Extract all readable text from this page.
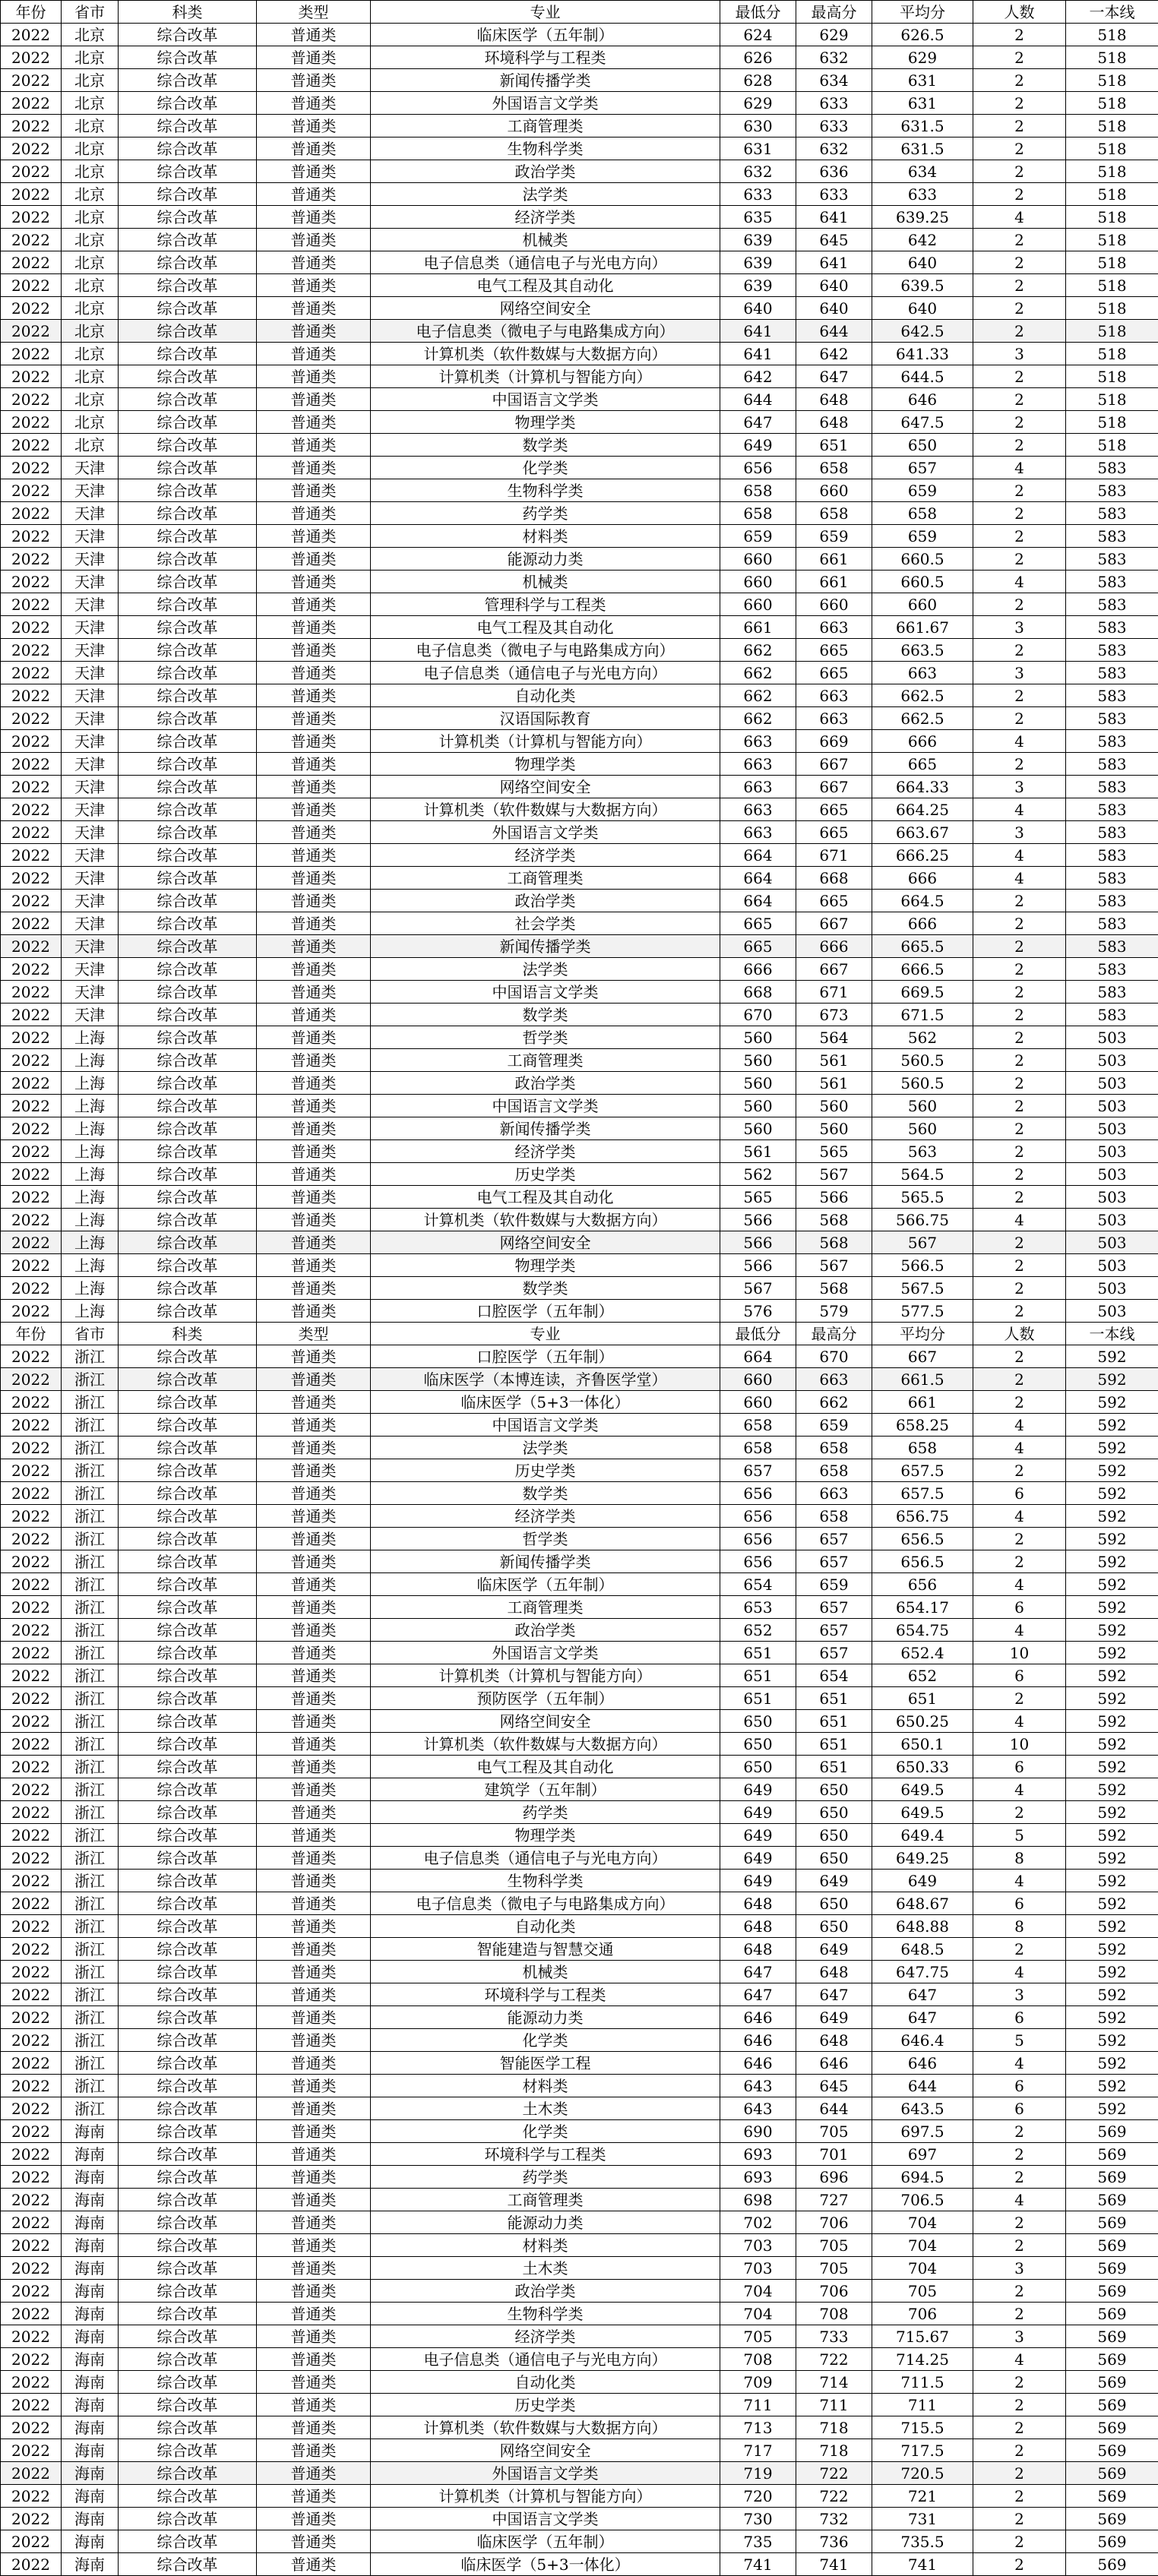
年份	省市	科类	类型	专业	最低分	最高分	平均分	人数	一本线
2022	北京	综合改革	普通类	临床医学（五年制）	624	629	626.5	2	518
2022	北京	综合改革	普通类	环境科学与工程类	626	632	629	2	518
2022	北京	综合改革	普通类	新闻传播学类	628	634	631	2	518
2022	北京	综合改革	普通类	外国语言文学类	629	633	631	2	518
2022	北京	综合改革	普通类	工商管理类	630	633	631.5	2	518
2022	北京	综合改革	普通类	生物科学类	631	632	631.5	2	518
2022	北京	综合改革	普通类	政治学类	632	636	634	2	518
2022	北京	综合改革	普通类	法学类	633	633	633	2	518
2022	北京	综合改革	普通类	经济学类	635	641	639.25	4	518
2022	北京	综合改革	普通类	机械类	639	645	642	2	518
2022	北京	综合改革	普通类	电子信息类（通信电子与光电方向）	639	641	640	2	518
2022	北京	综合改革	普通类	电气工程及其自动化	639	640	639.5	2	518
2022	北京	综合改革	普通类	网络空间安全	640	640	640	2	518
2022	北京	综合改革	普通类	电子信息类（微电子与电路集成方向）	641	644	642.5	2	518
2022	北京	综合改革	普通类	计算机类（软件数媒与大数据方向）	641	642	641.33	3	518
2022	北京	综合改革	普通类	计算机类（计算机与智能方向）	642	647	644.5	2	518
2022	北京	综合改革	普通类	中国语言文学类	644	648	646	2	518
2022	北京	综合改革	普通类	物理学类	647	648	647.5	2	518
2022	北京	综合改革	普通类	数学类	649	651	650	2	518
2022	天津	综合改革	普通类	化学类	656	658	657	4	583
2022	天津	综合改革	普通类	生物科学类	658	660	659	2	583
2022	天津	综合改革	普通类	药学类	658	658	658	2	583
2022	天津	综合改革	普通类	材料类	659	659	659	2	583
2022	天津	综合改革	普通类	能源动力类	660	661	660.5	2	583
2022	天津	综合改革	普通类	机械类	660	661	660.5	4	583
2022	天津	综合改革	普通类	管理科学与工程类	660	660	660	2	583
2022	天津	综合改革	普通类	电气工程及其自动化	661	663	661.67	3	583
2022	天津	综合改革	普通类	电子信息类（微电子与电路集成方向）	662	665	663.5	2	583
2022	天津	综合改革	普通类	电子信息类（通信电子与光电方向）	662	665	663	3	583
2022	天津	综合改革	普通类	自动化类	662	663	662.5	2	583
2022	天津	综合改革	普通类	汉语国际教育	662	663	662.5	2	583
2022	天津	综合改革	普通类	计算机类（计算机与智能方向）	663	669	666	4	583
2022	天津	综合改革	普通类	物理学类	663	667	665	2	583
2022	天津	综合改革	普通类	网络空间安全	663	667	664.33	3	583
2022	天津	综合改革	普通类	计算机类（软件数媒与大数据方向）	663	665	664.25	4	583
2022	天津	综合改革	普通类	外国语言文学类	663	665	663.67	3	583
2022	天津	综合改革	普通类	经济学类	664	671	666.25	4	583
2022	天津	综合改革	普通类	工商管理类	664	668	666	4	583
2022	天津	综合改革	普通类	政治学类	664	665	664.5	2	583
2022	天津	综合改革	普通类	社会学类	665	667	666	2	583
2022	天津	综合改革	普通类	新闻传播学类	665	666	665.5	2	583
2022	天津	综合改革	普通类	法学类	666	667	666.5	2	583
2022	天津	综合改革	普通类	中国语言文学类	668	671	669.5	2	583
2022	天津	综合改革	普通类	数学类	670	673	671.5	2	583
2022	上海	综合改革	普通类	哲学类	560	564	562	2	503
2022	上海	综合改革	普通类	工商管理类	560	561	560.5	2	503
2022	上海	综合改革	普通类	政治学类	560	561	560.5	2	503
2022	上海	综合改革	普通类	中国语言文学类	560	560	560	2	503
2022	上海	综合改革	普通类	新闻传播学类	560	560	560	2	503
2022	上海	综合改革	普通类	经济学类	561	565	563	2	503
2022	上海	综合改革	普通类	历史学类	562	567	564.5	2	503
2022	上海	综合改革	普通类	电气工程及其自动化	565	566	565.5	2	503
2022	上海	综合改革	普通类	计算机类（软件数媒与大数据方向）	566	568	566.75	4	503
2022	上海	综合改革	普通类	网络空间安全	566	568	567	2	503
2022	上海	综合改革	普通类	物理学类	566	567	566.5	2	503
2022	上海	综合改革	普通类	数学类	567	568	567.5	2	503
2022	上海	综合改革	普通类	口腔医学（五年制）	576	579	577.5	2	503
年份	省市	科类	类型	专业	最低分	最高分	平均分	人数	一本线
2022	浙江	综合改革	普通类	口腔医学（五年制）	664	670	667	2	592
2022	浙江	综合改革	普通类	临床医学（本博连读，齐鲁医学堂）	660	663	661.5	2	592
2022	浙江	综合改革	普通类	临床医学（5+3一体化）	660	662	661	2	592
2022	浙江	综合改革	普通类	中国语言文学类	658	659	658.25	4	592
2022	浙江	综合改革	普通类	法学类	658	658	658	4	592
2022	浙江	综合改革	普通类	历史学类	657	658	657.5	2	592
2022	浙江	综合改革	普通类	数学类	656	663	657.5	6	592
2022	浙江	综合改革	普通类	经济学类	656	658	656.75	4	592
2022	浙江	综合改革	普通类	哲学类	656	657	656.5	2	592
2022	浙江	综合改革	普通类	新闻传播学类	656	657	656.5	2	592
2022	浙江	综合改革	普通类	临床医学（五年制）	654	659	656	4	592
2022	浙江	综合改革	普通类	工商管理类	653	657	654.17	6	592
2022	浙江	综合改革	普通类	政治学类	652	657	654.75	4	592
2022	浙江	综合改革	普通类	外国语言文学类	651	657	652.4	10	592
2022	浙江	综合改革	普通类	计算机类（计算机与智能方向）	651	654	652	6	592
2022	浙江	综合改革	普通类	预防医学（五年制）	651	651	651	2	592
2022	浙江	综合改革	普通类	网络空间安全	650	651	650.25	4	592
2022	浙江	综合改革	普通类	计算机类（软件数媒与大数据方向）	650	651	650.1	10	592
2022	浙江	综合改革	普通类	电气工程及其自动化	650	651	650.33	6	592
2022	浙江	综合改革	普通类	建筑学（五年制）	649	650	649.5	4	592
2022	浙江	综合改革	普通类	药学类	649	650	649.5	2	592
2022	浙江	综合改革	普通类	物理学类	649	650	649.4	5	592
2022	浙江	综合改革	普通类	电子信息类（通信电子与光电方向）	649	650	649.25	8	592
2022	浙江	综合改革	普通类	生物科学类	649	649	649	4	592
2022	浙江	综合改革	普通类	电子信息类（微电子与电路集成方向）	648	650	648.67	6	592
2022	浙江	综合改革	普通类	自动化类	648	650	648.88	8	592
2022	浙江	综合改革	普通类	智能建造与智慧交通	648	649	648.5	2	592
2022	浙江	综合改革	普通类	机械类	647	648	647.75	4	592
2022	浙江	综合改革	普通类	环境科学与工程类	647	647	647	3	592
2022	浙江	综合改革	普通类	能源动力类	646	649	647	6	592
2022	浙江	综合改革	普通类	化学类	646	648	646.4	5	592
2022	浙江	综合改革	普通类	智能医学工程	646	646	646	4	592
2022	浙江	综合改革	普通类	材料类	643	645	644	6	592
2022	浙江	综合改革	普通类	土木类	643	644	643.5	6	592
2022	海南	综合改革	普通类	化学类	690	705	697.5	2	569
2022	海南	综合改革	普通类	环境科学与工程类	693	701	697	2	569
2022	海南	综合改革	普通类	药学类	693	696	694.5	2	569
2022	海南	综合改革	普通类	工商管理类	698	727	706.5	4	569
2022	海南	综合改革	普通类	能源动力类	702	706	704	2	569
2022	海南	综合改革	普通类	材料类	703	705	704	2	569
2022	海南	综合改革	普通类	土木类	703	705	704	3	569
2022	海南	综合改革	普通类	政治学类	704	706	705	2	569
2022	海南	综合改革	普通类	生物科学类	704	708	706	2	569
2022	海南	综合改革	普通类	经济学类	705	733	715.67	3	569
2022	海南	综合改革	普通类	电子信息类（通信电子与光电方向）	708	722	714.25	4	569
2022	海南	综合改革	普通类	自动化类	709	714	711.5	2	569
2022	海南	综合改革	普通类	历史学类	711	711	711	2	569
2022	海南	综合改革	普通类	计算机类（软件数媒与大数据方向）	713	718	715.5	2	569
2022	海南	综合改革	普通类	网络空间安全	717	718	717.5	2	569
2022	海南	综合改革	普通类	外国语言文学类	719	722	720.5	2	569
2022	海南	综合改革	普通类	计算机类（计算机与智能方向）	720	722	721	2	569
2022	海南	综合改革	普通类	中国语言文学类	730	732	731	2	569
2022	海南	综合改革	普通类	临床医学（五年制）	735	736	735.5	2	569
2022	海南	综合改革	普通类	临床医学（5+3一体化）	741	741	741	2	569
